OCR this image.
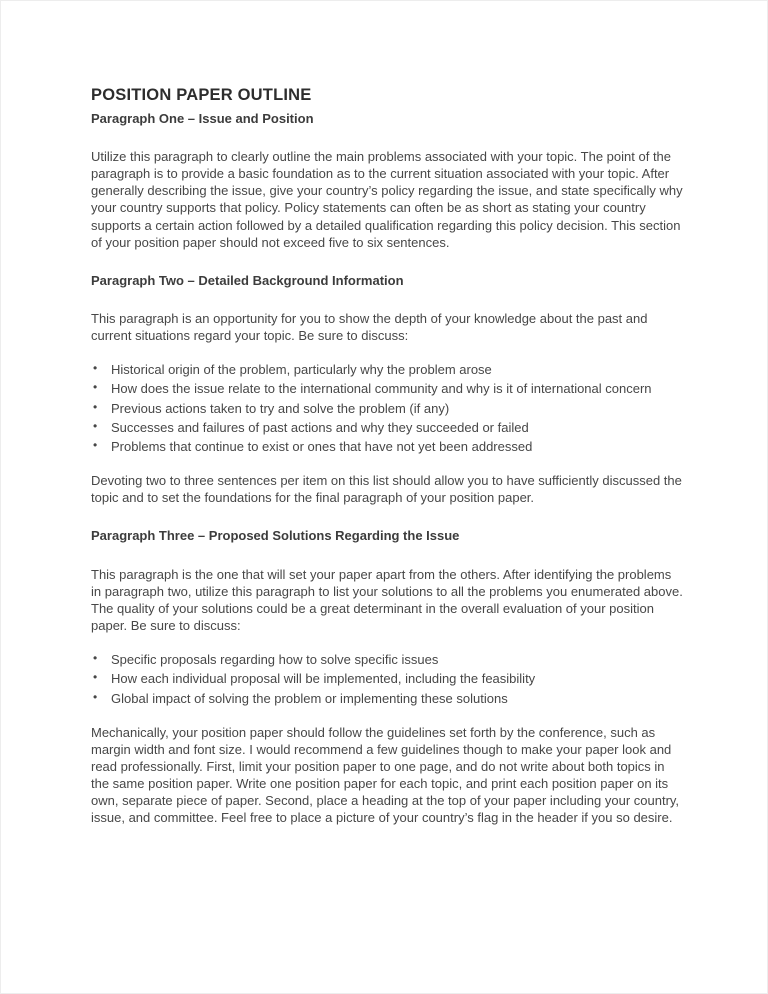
POSITION PAPER OUTLINE
Paragraph One – Issue and Position

Utilize this paragraph to clearly outline the main problems associated with your topic. The point of the paragraph is to provide a basic foundation as to the current situation associated with your topic. After generally describing the issue, give your country’s policy regarding the issue, and state specifically why your country supports that policy. Policy statements can often be as short as stating your country supports a certain action followed by a detailed qualification regarding this policy decision. This section of your position paper should not exceed five to six sentences.

Paragraph Two – Detailed Background Information

This paragraph is an opportunity for you to show the depth of your knowledge about the past and current situations regard your topic. Be sure to discuss:

• Historical origin of the problem, particularly why the problem arose
• How does the issue relate to the international community and why is it of international concern
• Previous actions taken to try and solve the problem (if any)
• Successes and failures of past actions and why they succeeded or failed
• Problems that continue to exist or ones that have not yet been addressed

Devoting two to three sentences per item on this list should allow you to have sufficiently discussed the topic and to set the foundations for the final paragraph of your position paper.

Paragraph Three – Proposed Solutions Regarding the Issue

This paragraph is the one that will set your paper apart from the others. After identifying the problems in paragraph two, utilize this paragraph to list your solutions to all the problems you enumerated above. The quality of your solutions could be a great determinant in the overall evaluation of your position paper. Be sure to discuss:

• Specific proposals regarding how to solve specific issues
• How each individual proposal will be implemented, including the feasibility
• Global impact of solving the problem or implementing these solutions

Mechanically, your position paper should follow the guidelines set forth by the conference, such as margin width and font size. I would recommend a few guidelines though to make your paper look and read professionally. First, limit your position paper to one page, and do not write about both topics in the same position paper. Write one position paper for each topic, and print each position paper on its own, separate piece of paper. Second, place a heading at the top of your paper including your country, issue, and committee. Feel free to place a picture of your country’s flag in the header if you so desire.
